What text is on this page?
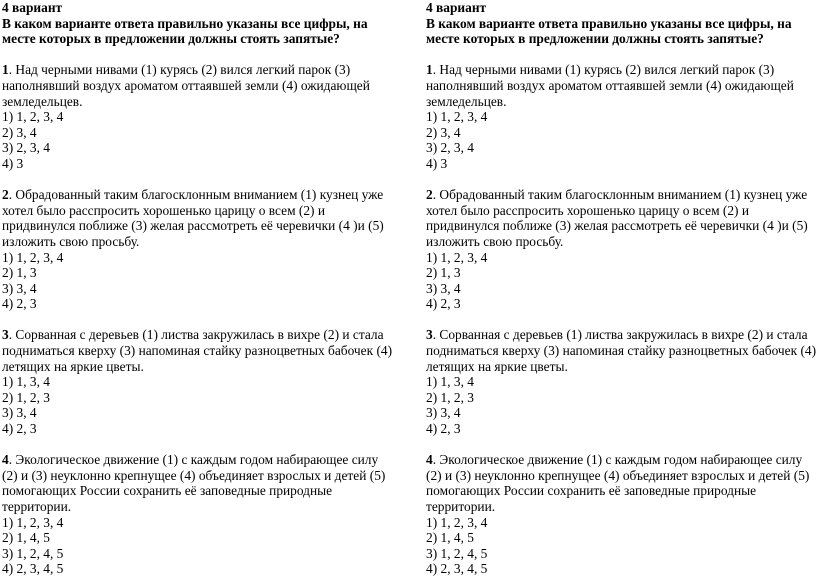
4 вариант
В каком варианте ответа правильно указаны все цифры, на месте которых в предложении должны стоять запятые?
1. Над черными нивами (1) курясь (2) вился легкий парок (3) наполнявший воздух ароматом оттаявшей земли (4) ожидающей земледельцев.
1) 1, 2, 3, 4
2) 3, 4
3) 2, 3, 4
4) 3
2. Обрадованный таким благосклонным вниманием (1) кузнец уже хотел было расспросить хорошенько царицу о всем (2) и придвинулся поближе (3) желая рассмотреть её черевички (4 )и (5) изложить свою просьбу.
1) 1, 2, 3, 4
2) 1, 3
3) 3, 4
4) 2, 3
3. Сорванная с деревьев (1) листва закружилась в вихре (2) и стала подниматься кверху (3) напоминая стайку разноцветных бабочек (4) летящих на яркие цветы.
1) 1, 3, 4
2) 1, 2, 3
3) 3, 4
4) 2, 3
4. Экологическое движение (1) с каждым годом набирающее силу (2) и (3) неуклонно крепнущее (4) объединяет взрослых и детей (5) помогающих России сохранить её заповедные природные территории.
1) 1, 2, 3, 4
2) 1, 4, 5
3) 1, 2, 4, 5
4) 2, 3, 4, 5
4 вариант
В каком варианте ответа правильно указаны все цифры, на месте которых в предложении должны стоять запятые?
1. Над черными нивами (1) курясь (2) вился легкий парок (3) наполнявший воздух ароматом оттаявшей земли (4) ожидающей земледельцев.
1) 1, 2, 3, 4
2) 3, 4
3) 2, 3, 4
4) 3
2. Обрадованный таким благосклонным вниманием (1) кузнец уже хотел было расспросить хорошенько царицу о всем (2) и придвинулся поближе (3) желая рассмотреть её черевички (4 )и (5) изложить свою просьбу.
1) 1, 2, 3, 4
2) 1, 3
3) 3, 4
4) 2, 3
3. Сорванная с деревьев (1) листва закружилась в вихре (2) и стала подниматься кверху (3) напоминая стайку разноцветных бабочек (4) летящих на яркие цветы.
1) 1, 3, 4
2) 1, 2, 3
3) 3, 4
4) 2, 3
4. Экологическое движение (1) с каждым годом набирающее силу (2) и (3) неуклонно крепнущее (4) объединяет взрослых и детей (5) помогающих России сохранить её заповедные природные территории.
1) 1, 2, 3, 4
2) 1, 4, 5
3) 1, 2, 4, 5
4) 2, 3, 4, 5
